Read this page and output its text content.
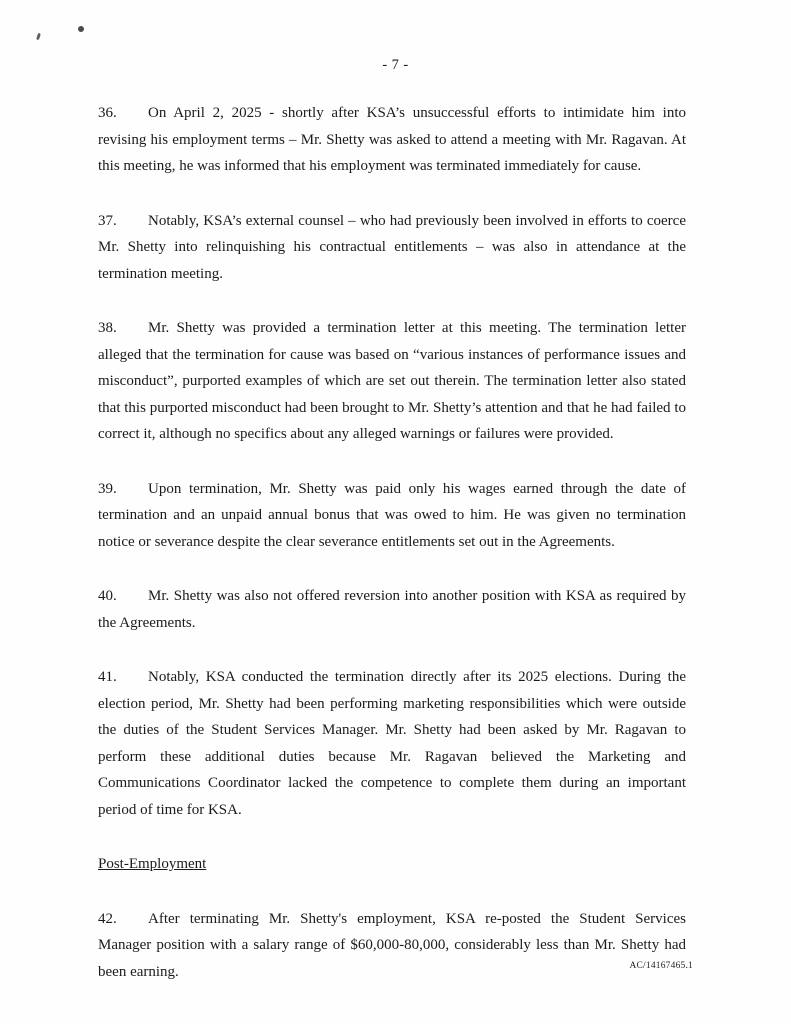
- 7 -

36. On April 2, 2025 - shortly after KSA’s unsuccessful efforts to intimidate him into revising his employment terms – Mr. Shetty was asked to attend a meeting with Mr. Ragavan. At this meeting, he was informed that his employment was terminated immediately for cause.

37. Notably, KSA’s external counsel – who had previously been involved in efforts to coerce Mr. Shetty into relinquishing his contractual entitlements – was also in attendance at the termination meeting.

38. Mr. Shetty was provided a termination letter at this meeting. The termination letter alleged that the termination for cause was based on “various instances of performance issues and misconduct”, purported examples of which are set out therein. The termination letter also stated that this purported misconduct had been brought to Mr. Shetty’s attention and that he had failed to correct it, although no specifics about any alleged warnings or failures were provided.

39. Upon termination, Mr. Shetty was paid only his wages earned through the date of termination and an unpaid annual bonus that was owed to him. He was given no termination notice or severance despite the clear severance entitlements set out in the Agreements.

40. Mr. Shetty was also not offered reversion into another position with KSA as required by the Agreements.

41. Notably, KSA conducted the termination directly after its 2025 elections. During the election period, Mr. Shetty had been performing marketing responsibilities which were outside the duties of the Student Services Manager. Mr. Shetty had been asked by Mr. Ragavan to perform these additional duties because Mr. Ragavan believed the Marketing and Communications Coordinator lacked the competence to complete them during an important period of time for KSA.

Post-Employment

42. After terminating Mr. Shetty's employment, KSA re-posted the Student Services Manager position with a salary range of $60,000-80,000, considerably less than Mr. Shetty had been earning.	AC/14167465.1
